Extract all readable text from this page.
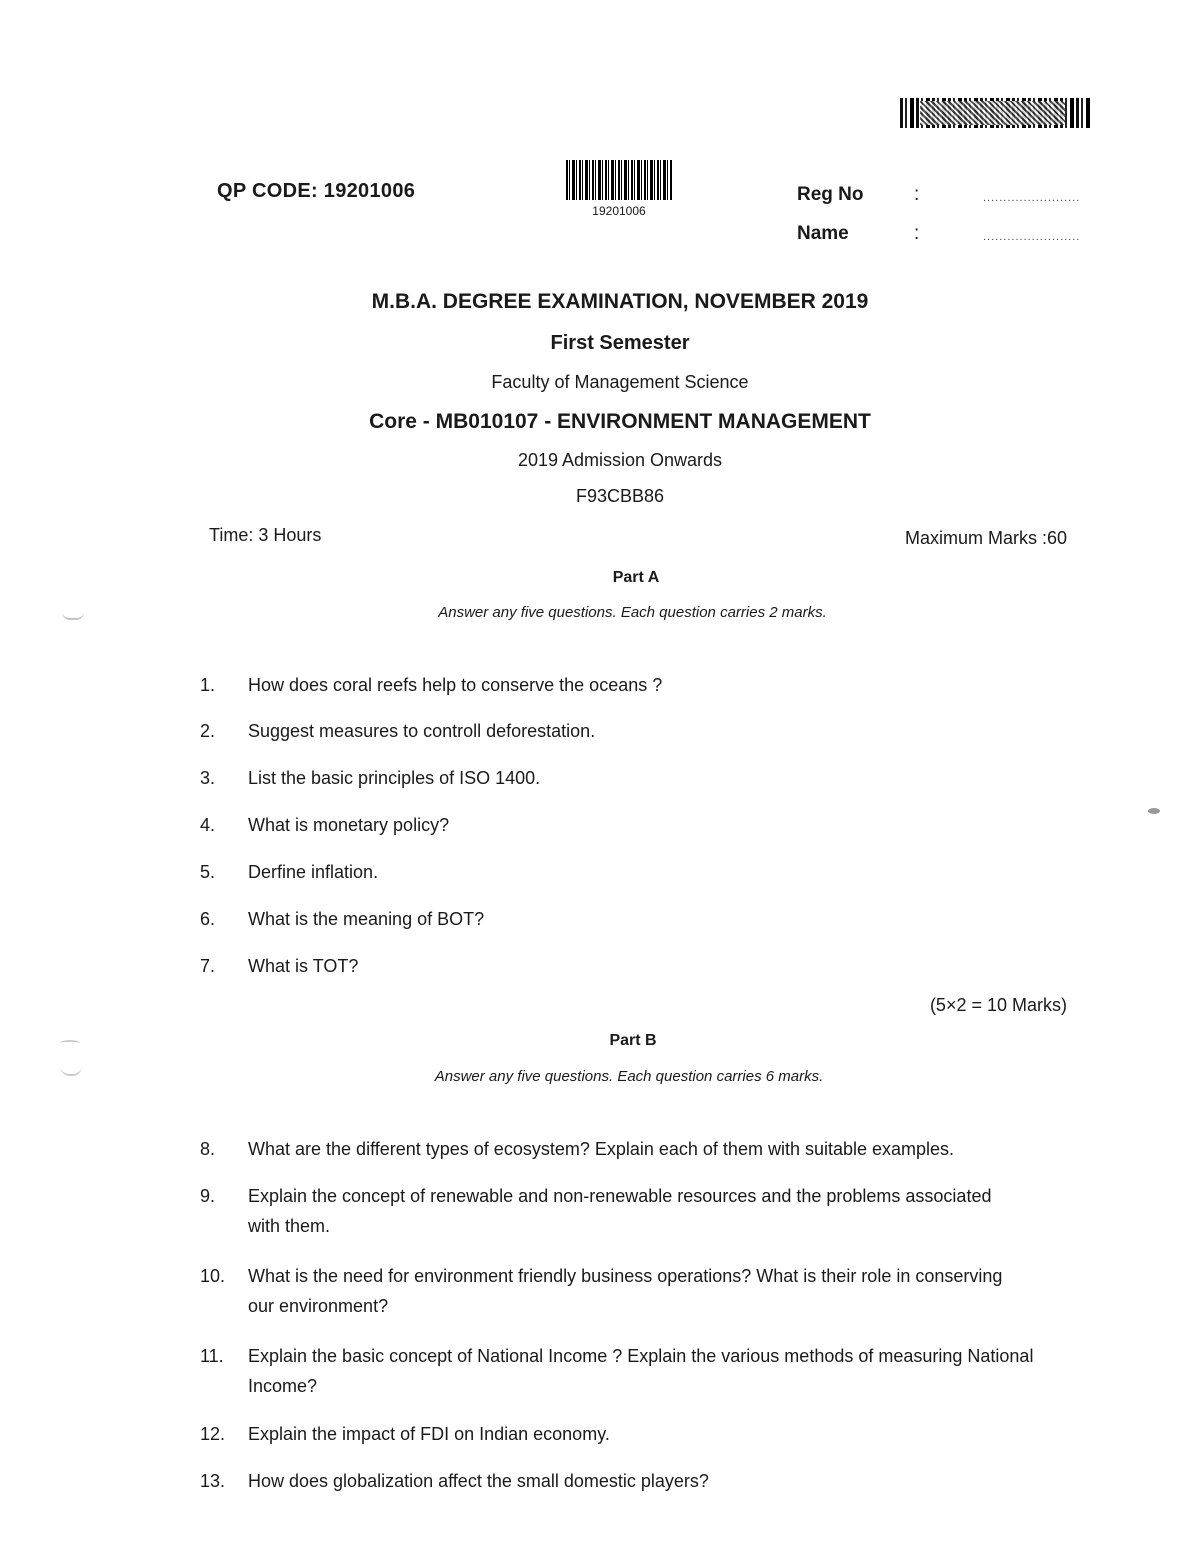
19201006
QP CODE: 19201006	Reg No	:	........................
Name	:	........................
M.B.A. DEGREE EXAMINATION, NOVEMBER 2019
First Semester
Faculty of Management Science
Core - MB010107 - ENVIRONMENT MANAGEMENT
2019 Admission Onwards
F93CBB86
Time: 3 Hours	Maximum Marks :60
Part A
Answer any five questions. Each question carries 2 marks.
1.	How does coral reefs help to conserve the oceans ?
2.	Suggest measures to controll deforestation.
3.	List the basic principles of ISO 1400.
4.	What is monetary policy?
5.	Derfine inflation.
6.	What is the meaning of BOT?
7.	What is TOT?
(5×2 = 10 Marks)
Part B
Answer any five questions. Each question carries 6 marks.
8.	What are the different types of ecosystem? Explain each of them with suitable examples.
9.	Explain the concept of renewable and non-renewable resources and the problems associated with them.
10.	What is the need for environment friendly business operations? What is their role in conserving our environment?
11.	Explain the basic concept of National Income ? Explain the various methods of measuring National Income?
12.	Explain the impact of FDI on Indian economy.
13.	How does globalization affect the small domestic players?
